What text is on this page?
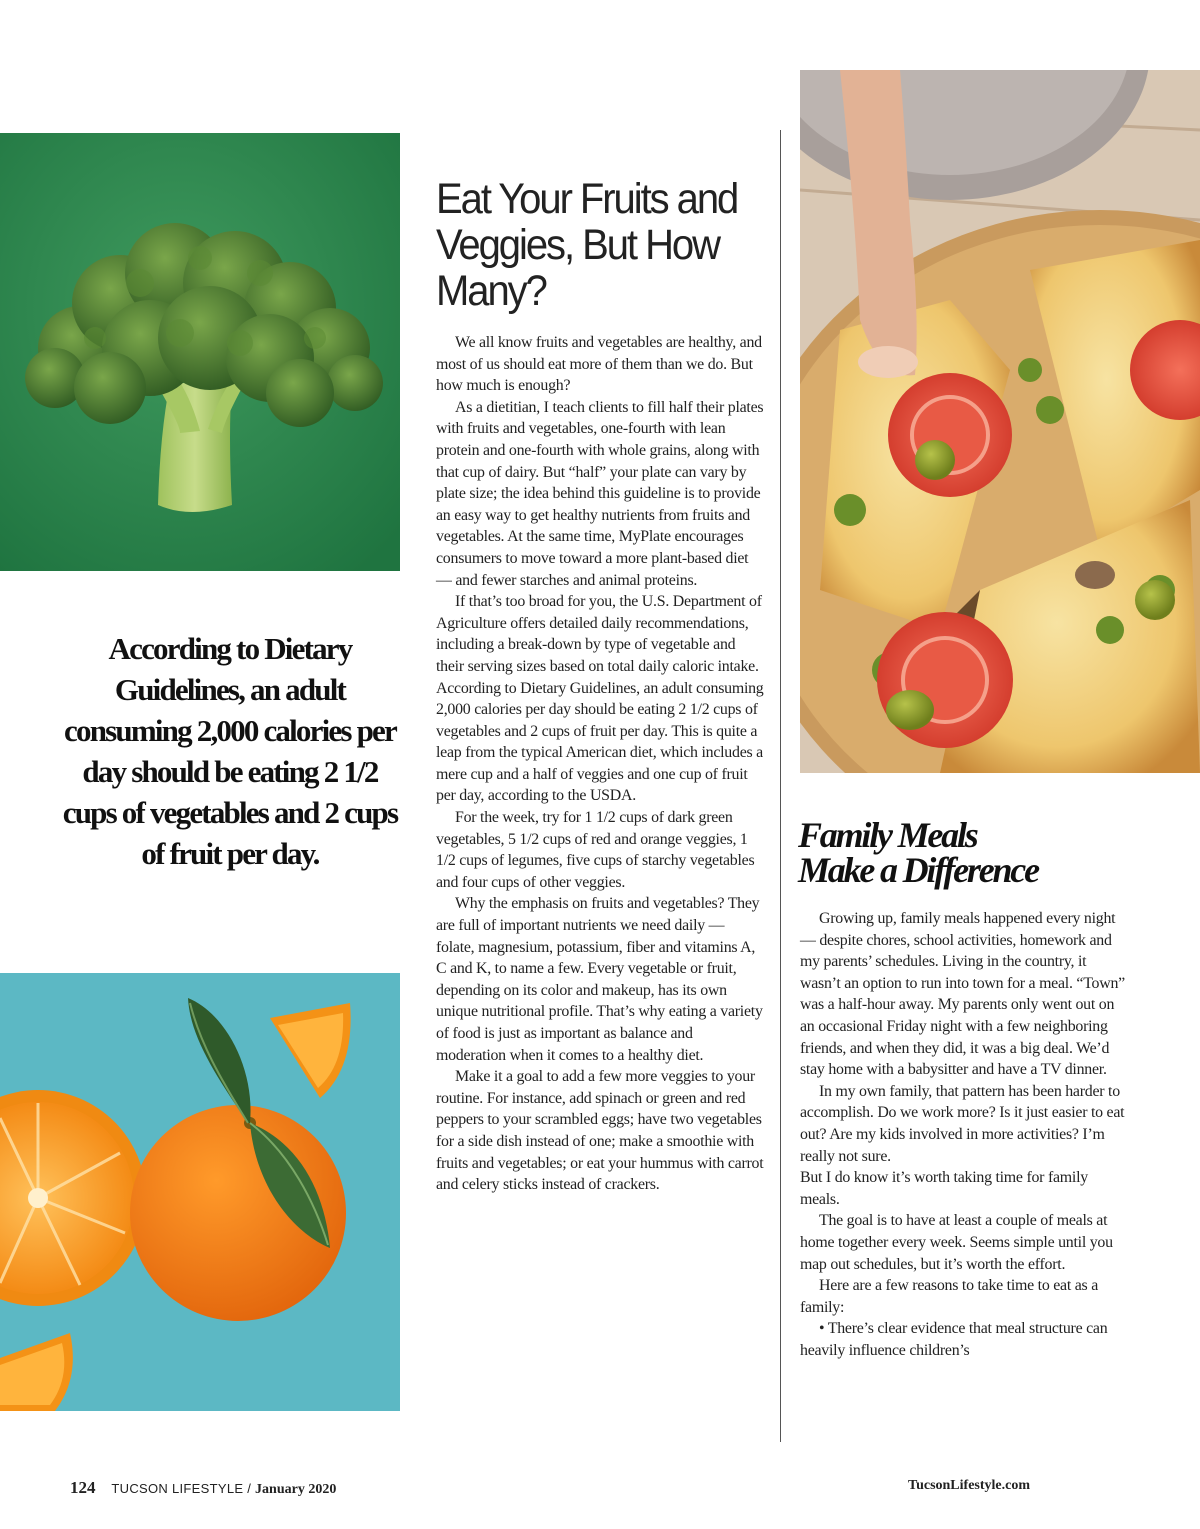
According to Dietary Guidelines, an adult consuming 2,000 calories per day should be eating 2 1/2 cups of vegetables and 2 cups of fruit per day.
Eat Your Fruits and Veggies, But How Many?

We all know fruits and vegetables are healthy, and most of us should eat more of them than we do. But how much is enough?

As a dietitian, I teach clients to fill half their plates with fruits and vegetables, one-fourth with lean protein and one-fourth with whole grains, along with that cup of dairy. But “half” your plate can vary by plate size; the idea behind this guideline is to provide an easy way to get healthy nutrients from fruits and vegetables. At the same time, MyPlate encourages consumers to move toward a more plant-based diet — and fewer starches and animal proteins.

If that’s too broad for you, the U.S. Department of Agriculture offers detailed daily recommendations, including a break-down by type of vegetable and their serving sizes based on total daily caloric intake. According to Dietary Guidelines, an adult consuming 2,000 calories per day should be eating 2 1/2 cups of vegetables and 2 cups of fruit per day. This is quite a leap from the typical American diet, which includes a mere cup and a half of veggies and one cup of fruit per day, according to the USDA.

For the week, try for 1 1/2 cups of dark green vegetables, 5 1/2 cups of red and orange veggies, 1 1/2 cups of legumes, five cups of starchy vegetables and four cups of other veggies.

Why the emphasis on fruits and vegetables? They are full of important nutrients we need daily — folate, magnesium, potassium, fiber and vitamins A, C and K, to name a few. Every vegetable or fruit, depending on its color and makeup, has its own unique nutritional profile. That’s why eating a variety of food is just as important as balance and moderation when it comes to a healthy diet.

Make it a goal to add a few more veggies to your routine. For instance, add spinach or green and red peppers to your scrambled eggs; have two vegetables for a side dish instead of one; make a smoothie with fruits and vegetables; or eat your hummus with carrot and celery sticks instead of crackers.

Family Meals
Make a Difference

Growing up, family meals happened every night — despite chores, school activities, homework and my parents’ schedules. Living in the country, it wasn’t an option to run into town for a meal. “Town” was a half-hour away. My parents only went out on an occasional Friday night with a few neighboring friends, and when they did, it was a big deal. We’d stay home with a babysitter and have a TV dinner.

In my own family, that pattern has been harder to accomplish. Do we work more? Is it just easier to eat out? Are my kids involved in more activities? I’m really not sure.

But I do know it’s worth taking time for family meals.

The goal is to have at least a couple of meals at home together every week. Seems simple until you map out schedules, but it’s worth the effort.

Here are a few reasons to take time to eat as a family:

• There’s clear evidence that meal structure can heavily influence children’s

124 TUCSON LIFESTYLE / January 2020	TucsonLifestyle.com
